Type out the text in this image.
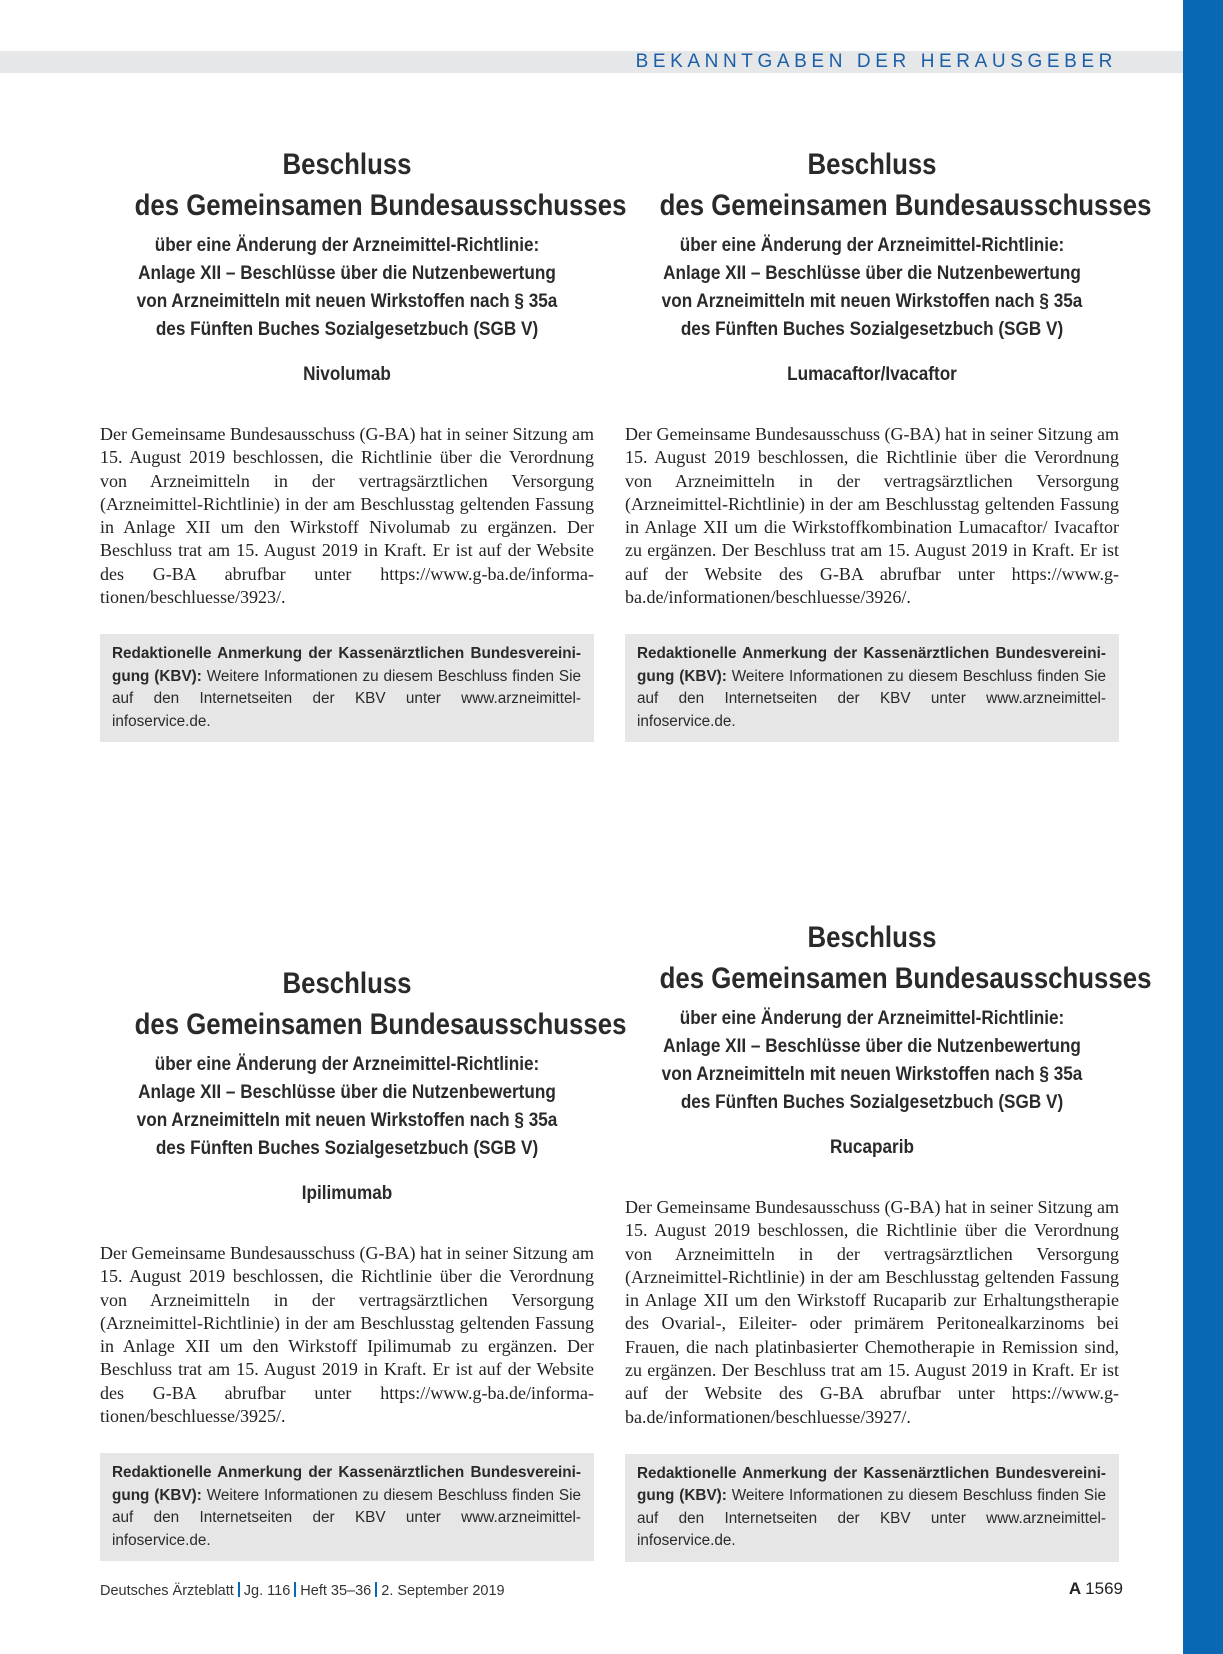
BEKANNTGABEN DER HERAUSGEBER
Beschluss
des Gemeinsamen Bundesausschusses
über eine Änderung der Arzneimittel-Richtlinie:
Anlage XII – Beschlüsse über die Nutzenbewertung
von Arzneimitteln mit neuen Wirkstoffen nach § 35a
des Fünften Buches Sozialgesetzbuch (SGB V)
Nivolumab
Der Gemeinsame Bundesausschuss (G-BA) hat in seiner Sitzung am 15. August 2019 beschlossen, die Richtlinie über die Verordnung von Arzneimitteln in der vertragsärztlichen Versorgung (Arzneimittel-Richtlinie) in der am Beschlusstag geltenden Fassung in Anlage XII um den Wirkstoff Nivolumab zu ergänzen. Der Beschluss trat am 15. August 2019 in Kraft. Er ist auf der Website des G-BA abrufbar unter https://www.g-ba.de/informationen/beschluesse/3923/.
Redaktionelle Anmerkung der Kassenärztlichen Bundesvereinigung (KBV): Weitere Informationen zu diesem Beschluss finden Sie auf den Internetseiten der KBV unter www.arzneimittel-infoservice.de.
Beschluss
des Gemeinsamen Bundesausschusses
über eine Änderung der Arzneimittel-Richtlinie:
Anlage XII – Beschlüsse über die Nutzenbewertung
von Arzneimitteln mit neuen Wirkstoffen nach § 35a
des Fünften Buches Sozialgesetzbuch (SGB V)
Lumacaftor/Ivacaftor
Der Gemeinsame Bundesausschuss (G-BA) hat in seiner Sitzung am 15. August 2019 beschlossen, die Richtlinie über die Verordnung von Arzneimitteln in der vertragsärztlichen Versorgung (Arzneimittel-Richtlinie) in der am Beschlusstag geltenden Fassung in Anlage XII um die Wirkstoffkombination Lumacaftor/ Ivacaftor zu ergänzen. Der Beschluss trat am 15. August 2019 in Kraft. Er ist auf der Website des G-BA abrufbar unter https://www.g-ba.de/informationen/beschluesse/3926/.
Redaktionelle Anmerkung der Kassenärztlichen Bundesvereinigung (KBV): Weitere Informationen zu diesem Beschluss finden Sie auf den Internetseiten der KBV unter www.arzneimittel-infoservice.de.
Beschluss
des Gemeinsamen Bundesausschusses
über eine Änderung der Arzneimittel-Richtlinie:
Anlage XII – Beschlüsse über die Nutzenbewertung
von Arzneimitteln mit neuen Wirkstoffen nach § 35a
des Fünften Buches Sozialgesetzbuch (SGB V)
Ipilimumab
Der Gemeinsame Bundesausschuss (G-BA) hat in seiner Sitzung am 15. August 2019 beschlossen, die Richtlinie über die Verordnung von Arzneimitteln in der vertragsärztlichen Versorgung (Arzneimittel-Richtlinie) in der am Beschlusstag geltenden Fassung in Anlage XII um den Wirkstoff Ipilimumab zu ergänzen. Der Beschluss trat am 15. August 2019 in Kraft. Er ist auf der Website des G-BA abrufbar unter https://www.g-ba.de/informationen/beschluesse/3925/.
Redaktionelle Anmerkung der Kassenärztlichen Bundesvereinigung (KBV): Weitere Informationen zu diesem Beschluss finden Sie auf den Internetseiten der KBV unter www.arzneimittel-infoservice.de.
Beschluss
des Gemeinsamen Bundesausschusses
über eine Änderung der Arzneimittel-Richtlinie:
Anlage XII – Beschlüsse über die Nutzenbewertung
von Arzneimitteln mit neuen Wirkstoffen nach § 35a
des Fünften Buches Sozialgesetzbuch (SGB V)
Rucaparib
Der Gemeinsame Bundesausschuss (G-BA) hat in seiner Sitzung am 15. August 2019 beschlossen, die Richtlinie über die Verordnung von Arzneimitteln in der vertragsärztlichen Versorgung (Arzneimittel-Richtlinie) in der am Beschlusstag geltenden Fassung in Anlage XII um den Wirkstoff Rucaparib zur Erhaltungstherapie des Ovarial-, Eileiter- oder primärem Peritonealkarzinoms bei Frauen, die nach platinbasierter Chemotherapie in Remission sind, zu ergänzen. Der Beschluss trat am 15. August 2019 in Kraft. Er ist auf der Website des G-BA abrufbar unter https://www.g-ba.de/informationen/beschluesse/3927/.
Redaktionelle Anmerkung der Kassenärztlichen Bundesvereinigung (KBV): Weitere Informationen zu diesem Beschluss finden Sie auf den Internetseiten der KBV unter www.arzneimittel-infoservice.de.
Deutsches Ärzteblatt Jg. 116 Heft 35–36 2. September 2019	A 1569
